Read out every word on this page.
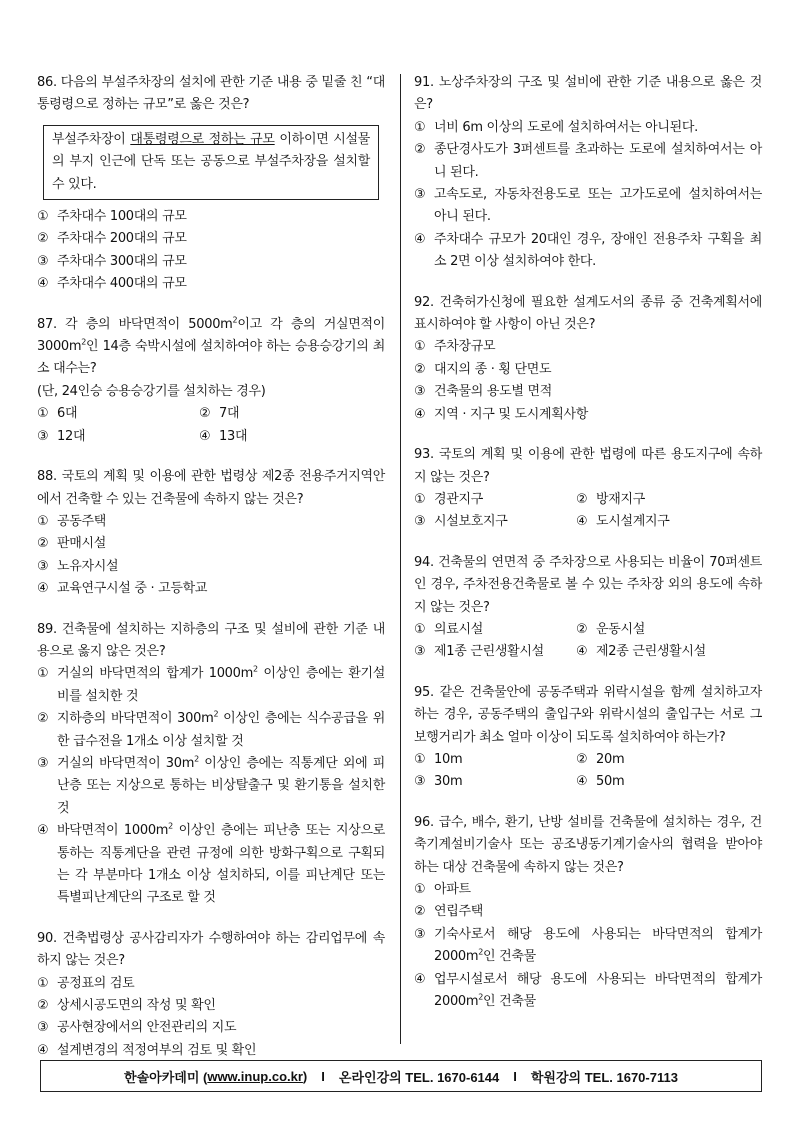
86. 다음의 부설주차장의 설치에 관한 기준 내용 중 밑줄 친 “대통령령으로 정하는 규모”로 옳은 것은?
부설주차장이 대통령령으로 정하는 규모 이하이면 시설물의 부지 인근에 단독 또는 공동으로 부설주차장을 설치할 수 있다.
① 주차대수 100대의 규모
② 주차대수 200대의 규모
③ 주차대수 300대의 규모
④ 주차대수 400대의 규모
87. 각 층의 바닥면적이 $5000m^2$이고 각 층의 거실면적이 $3000m^2$인 14층 숙박시설에 설치하여야 하는 승용승강기의 최소 대수는?
(단, 24인승 승용승강기를 설치하는 경우)
① 6대	② 7대
③ 12대	④ 13대
88. 국토의 계획 및 이용에 관한 법령상 제2종 전용주거지역안에서 건축할 수 있는 건축물에 속하지 않는 것은?
① 공동주택
② 판매시설
③ 노유자시설
④ 교육연구시설 중 · 고등학교
89. 건축물에 설치하는 지하층의 구조 및 설비에 관한 기준 내용으로 옳지 않은 것은?
① 거실의 바닥면적의 합계가 $1000m^2$ 이상인 층에는 환기설비를 설치한 것
② 지하층의 바닥면적이 $300m^2$ 이상인 층에는 식수공급을 위한 급수전을 1개소 이상 설치할 것
③ 거실의 바닥면적이 $30m^2$ 이상인 층에는 직통계단 외에 피난층 또는 지상으로 통하는 비상탈출구 및 환기통을 설치한 것
④ 바닥면적이 $1000m^2$ 이상인 층에는 피난층 또는 지상으로 통하는 직통계단을 관련 규정에 의한 방화구획으로 구획되는 각 부분마다 1개소 이상 설치하되, 이를 피난계단 또는 특별피난계단의 구조로 할 것
90. 건축법령상 공사감리자가 수행하여야 하는 감리업무에 속하지 않는 것은?
① 공정표의 검토
② 상세시공도면의 작성 및 확인
③ 공사현장에서의 안전관리의 지도
④ 설계변경의 적정여부의 검토 및 확인
91. 노상주차장의 구조 및 설비에 관한 기준 내용으로 옳은 것은?
① 너비 6m 이상의 도로에 설치하여서는 아니된다.
② 종단경사도가 3퍼센트를 초과하는 도로에 설치하여서는 아니 된다.
③ 고속도로, 자동차전용도로 또는 고가도로에 설치하여서는 아니 된다.
④ 주차대수 규모가 20대인 경우, 장애인 전용주차 구획을 최소 2면 이상 설치하여야 한다.
92. 건축허가신청에 필요한 설계도서의 종류 중 건축계획서에 표시하여야 할 사항이 아닌 것은?
① 주차장규모
② 대지의 종 · 횡 단면도
③ 건축물의 용도별 면적
④ 지역 · 지구 및 도시계획사항
93. 국토의 계획 및 이용에 관한 법령에 따른 용도지구에 속하지 않는 것은?
① 경관지구	② 방재지구
③ 시설보호지구	④ 도시설계지구
94. 건축물의 연면적 중 주차장으로 사용되는 비율이 70퍼센트인 경우, 주차전용건축물로 볼 수 있는 주차장 외의 용도에 속하지 않는 것은?
① 의료시설	② 운동시설
③ 제1종 근린생활시설	④ 제2종 근린생활시설
95. 같은 건축물안에 공동주택과 위락시설을 함께 설치하고자 하는 경우, 공동주택의 출입구와 위락시설의 출입구는 서로 그 보행거리가 최소 얼마 이상이 되도록 설치하여야 하는가?
① 10m	② 20m
③ 30m	④ 50m
96. 급수, 배수, 환기, 난방 설비를 건축물에 설치하는 경우, 건축기계설비기술사 또는 공조냉동기계기술사의 협력을 받아야 하는 대상 건축물에 속하지 않는 것은?
① 아파트
② 연립주택
③ 기숙사로서 해당 용도에 사용되는 바닥면적의 합계가 $2000m^2$인 건축물
④ 업무시설로서 해당 용도에 사용되는 바닥면적의 합계가 $2000m^2$인 건축물
한솔아카데미 ( www.inup.co.kr ) I 온라인강의 TEL. 1670-6144 I 학원강의 TEL. 1670-7113
